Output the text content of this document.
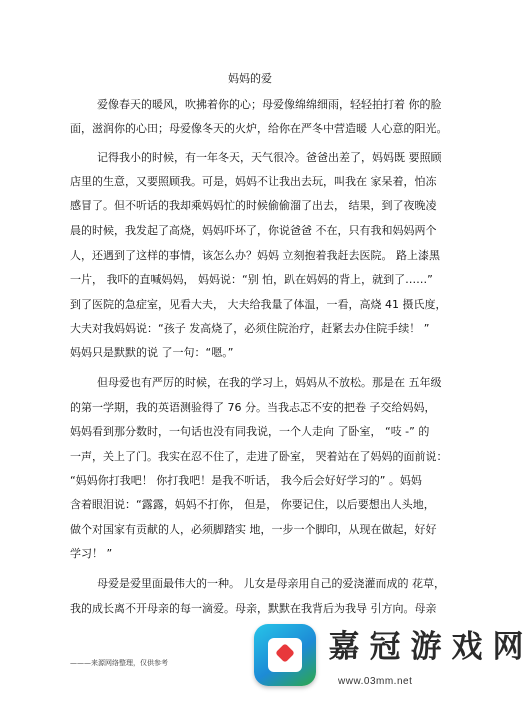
妈妈的爱
爱像春天的暖风，吹拂着你的心；母爱像绵绵细雨，轻轻拍打着 你的脸
面，滋润你的心田；母爱像冬天的火炉，给你在严冬中营造暖 人心意的阳光。
记得我小的时候，有一年冬天，天气很冷。爸爸出差了，妈妈既 要照顾
店里的生意，又要照顾我。可是，妈妈不让我出去玩，叫我在 家呆着，怕冻
感冒了。但不听话的我却乘妈妈忙的时候偷偷溜了出去， 结果，到了夜晚凌
晨的时候，我发起了高烧，妈妈吓坏了，你说爸爸 不在，只有我和妈妈两个
人，还遇到了这样的事情，该怎么办？妈妈 立刻抱着我赶去医院。 路上漆黑
一片， 我吓的直喊妈妈， 妈妈说：“别 怕，趴在妈妈的背上，就到了……”
到了医院的急症室，见看大夫， 大夫给我量了体温，一看，高烧 41 摄氏度，
大夫对我妈妈说：“孩子 发高烧了，必须住院治疗，赶紧去办住院手续！ ”
妈妈只是默默的说 了一句：“嗯。”
但母爱也有严厉的时候，在我的学习上，妈妈从不放松。那是在 五年级
的第一学期，我的英语测验得了 76 分。当我忐忑不安的把卷 子交给妈妈，
妈妈看到那分数时，一句话也没有同我说，一个人走向 了卧室， “吱 -” 的
一声，关上了门。我实在忍不住了，走进了卧室， 哭着站在了妈妈的面前说：
“妈妈你打我吧！ 你打我吧！是我不听话， 我今后会好好学习的” 。妈妈
含着眼泪说：“露露，妈妈不打你， 但是， 你要记住，以后要想出人头地，
做个对国家有贡献的人，必须脚踏实 地，一步一个脚印，从现在做起，好好
学习！ ”
母爱是爱里面最伟大的一种。 儿女是母亲用自己的爱浇灌而成的 花草，
我的成长离不开母亲的每一滴爱。母亲，默默在我背后为我导 引方向。母亲
———来源网络整理，仅供参考	嘉 冠 游 戏 网
www.03mm.net
